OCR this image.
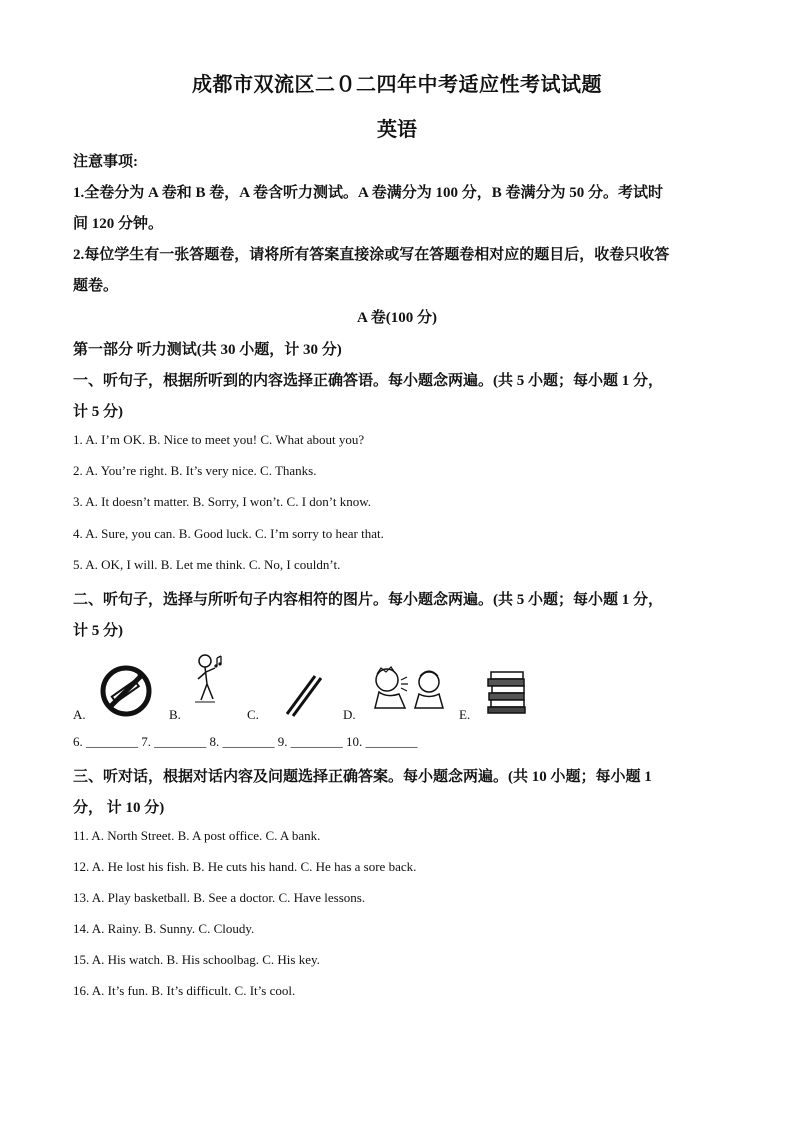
成都市双流区二０二四年中考适应性考试试题
英语
注意事项:
1.全卷分为 A 卷和 B 卷，A 卷含听力测试。A 卷满分为 100 分，B 卷满分为 50 分。考试时
间 120 分钟。
2.每位学生有一张答题卷，请将所有答案直接涂或写在答题卷相对应的题目后，收卷只收答
题卷。
A 卷(100 分)
第一部分 听力测试(共 30 小题，计 30 分)
一、听句子，根据所听到的内容选择正确答语。每小题念两遍。(共 5 小题；每小题 1 分，
计 5 分)
1. A. I’m OK. B. Nice to meet you! C. What about you?
2. A. You’re right. B. It’s very nice. C. Thanks.
3. A. It doesn’t matter. B. Sorry, I won’t. C. I don’t know.
4. A. Sure, you can. B. Good luck. C. I’m sorry to hear that.
5. A. OK, I will. B. Let me think. C. No, I couldn’t.
二、听句子，选择与所听句子内容相符的图片。每小题念两遍。(共 5 小题；每小题 1 分，
计 5 分)
A.	B.	C.	D.	E.
6. ________ 7. ________ 8. ________ 9. ________ 10. ________
三、听对话，根据对话内容及问题选择正确答案。每小题念两遍。(共 10 小题；每小题 1
分， 计 10 分)
11. A. North Street. B. A post office. C. A bank.
12. A. He lost his fish. B. He cuts his hand. C. He has a sore back.
13. A. Play basketball. B. See a doctor. C. Have lessons.
14. A. Rainy. B. Sunny. C. Cloudy.
15. A. His watch. B. His schoolbag. C. His key.
16. A. It’s fun. B. It’s difficult. C. It’s cool.
